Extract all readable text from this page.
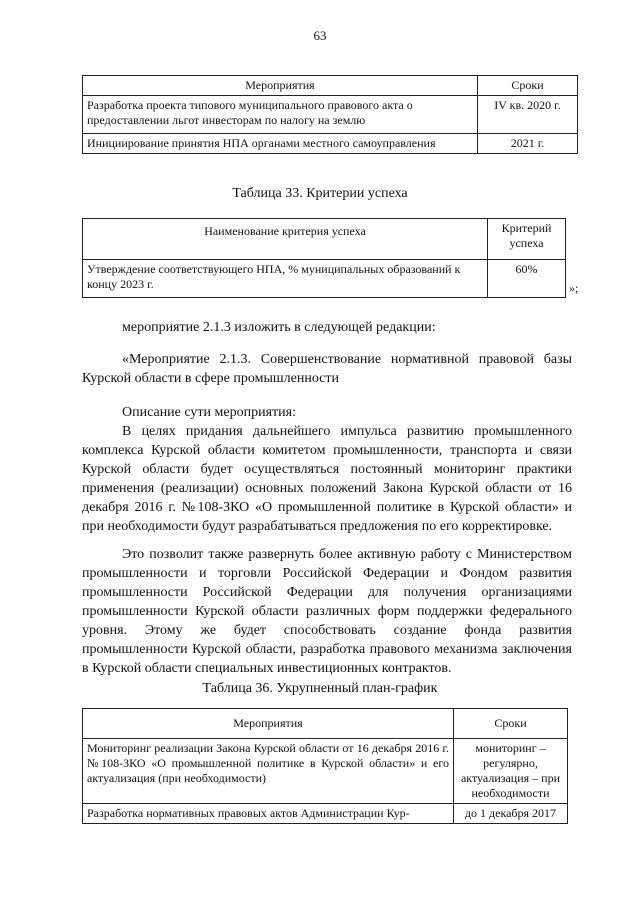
63
Мероприятия	Сроки
Разработка проекта типового муниципального правового акта о предоставлении льгот инвесторам по налогу на землю	IV кв. 2020 г.
Инициирование принятия НПА органами местного самоуправления	2021 г.
Таблица 33. Критерии успеха
Наименование критерия успеха	Критерий успеха
Утверждение соответствующего НПА, % муниципальных образований к концу 2023 г.	60%
»;
мероприятие 2.1.3 изложить в следующей редакции:
«Мероприятие 2.1.3. Совершенствование нормативной правовой базы Курской области в сфере промышленности
Описание сути мероприятия:
В целях придания дальнейшего импульса развитию промышленного комплекса Курской области комитетом промышленности, транспорта и связи Курской области будет осуществляться постоянный мониторинг практики применения (реализации) основных положений Закона Курской области от 16 декабря 2016 г. №108-ЗКО «О промышленной политике в Курской области» и при необходимости будут разрабатываться предложения по его корректировке.
Это позволит также развернуть более активную работу с Министерством промышленности и торговли Российской Федерации и Фондом развития промышленности Российской Федерации для получения организациями промышленности Курской области различных форм поддержки федерального уровня. Этому же будет способствовать создание фонда развития промышленности Курской области, разработка правового механизма заключения в Курской области специальных инвестиционных контрактов.
Таблица 36. Укрупненный план-график
Мероприятия	Сроки
Мониторинг реализации Закона Курской области от 16 декабря 2016 г. №108-ЗКО «О промышленной политике в Курской области» и его актуализация (при необходимости)	мониторинг – регулярно, актуализация – при необходимости
Разработка нормативных правовых актов Администрации Кур-	до 1 декабря 2017
